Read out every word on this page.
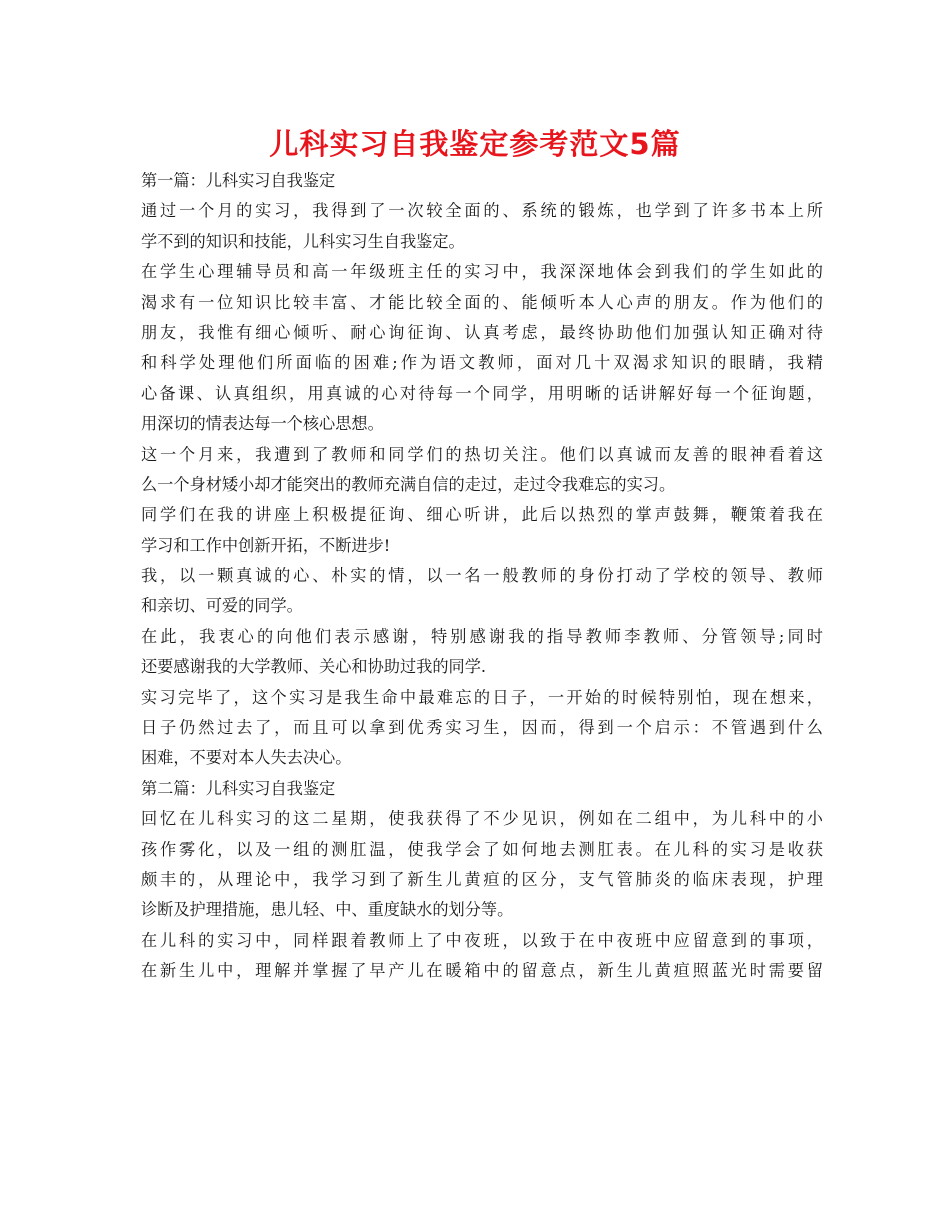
儿科实习自我鉴定参考范文5篇
第一篇：儿科实习自我鉴定
通过一个月的实习，我得到了一次较全面的、系统的锻炼，也学到了许多书本上所
学不到的知识和技能，儿科实习生自我鉴定。
在学生心理辅导员和高一年级班主任的实习中，我深深地体会到我们的学生如此的
渴求有一位知识比较丰富、才能比较全面的、能倾听本人心声的朋友。作为他们的
朋友，我惟有细心倾听、耐心询征询、认真考虑，最终协助他们加强认知正确对待
和科学处理他们所面临的困难;作为语文教师，面对几十双渴求知识的眼睛，我精
心备课、认真组织，用真诚的心对待每一个同学，用明晰的话讲解好每一个征询题，
用深切的情表达每一个核心思想。
这一个月来，我遭到了教师和同学们的热切关注。他们以真诚而友善的眼神看着这
么一个身材矮小却才能突出的教师充满自信的走过，走过令我难忘的实习。
同学们在我的讲座上积极提征询、细心听讲，此后以热烈的掌声鼓舞，鞭策着我在
学习和工作中创新开拓，不断进步!
我，以一颗真诚的心、朴实的情，以一名一般教师的身份打动了学校的领导、教师
和亲切、可爱的同学。
在此，我衷心的向他们表示感谢，特别感谢我的指导教师李教师、分管领导;同时
还要感谢我的大学教师、关心和协助过我的同学.
实习完毕了，这个实习是我生命中最难忘的日子，一开始的时候特别怕，现在想来，
日子仍然过去了，而且可以拿到优秀实习生，因而，得到一个启示：不管遇到什么
困难，不要对本人失去决心。
第二篇：儿科实习自我鉴定
回忆在儿科实习的这二星期，使我获得了不少见识，例如在二组中，为儿科中的小
孩作雾化，以及一组的测肛温，使我学会了如何地去测肛表。在儿科的实习是收获
颇丰的，从理论中，我学习到了新生儿黄疸的区分，支气管肺炎的临床表现，护理
诊断及护理措施，患儿轻、中、重度缺水的划分等。
在儿科的实习中，同样跟着教师上了中夜班，以致于在中夜班中应留意到的事项，
在新生儿中，理解并掌握了早产儿在暖箱中的留意点，新生儿黄疸照蓝光时需要留
